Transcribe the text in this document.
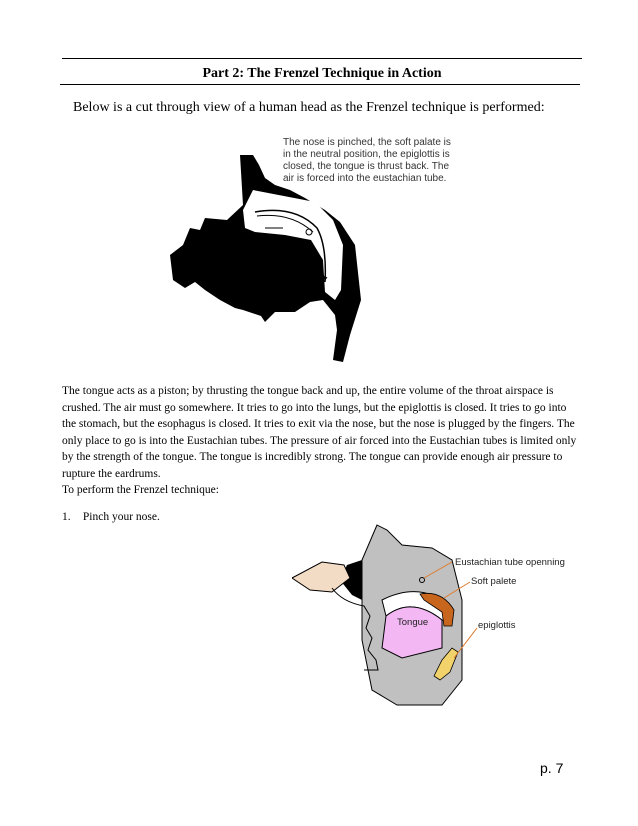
Part 2: The Frenzel Technique in Action
Below is a cut through view of a human head as the Frenzel technique is performed:
The nose is pinched, the soft palate is in the neutral position, the epiglottis is closed, the tongue is thrust back. The air is forced into the eustachian tube.
The tongue acts as a piston; by thrusting the tongue back and up, the entire volume of the throat airspace is crushed. The air must go somewhere. It tries to go into the lungs, but the epiglottis is closed. It tries to go into the stomach, but the esophagus is closed. It tries to exit via the nose, but the nose is plugged by the fingers. The only place to go is into the Eustachian tubes. The pressure of air forced into the Eustachian tubes is limited only by the strength of the tongue. The tongue is incredibly strong. The tongue can provide enough air pressure to rupture the eardrums.
To perform the Frenzel technique:
1. Pinch your nose.
Eustachian tube openning
Soft palete
Tongue	epiglottis
p. 7
